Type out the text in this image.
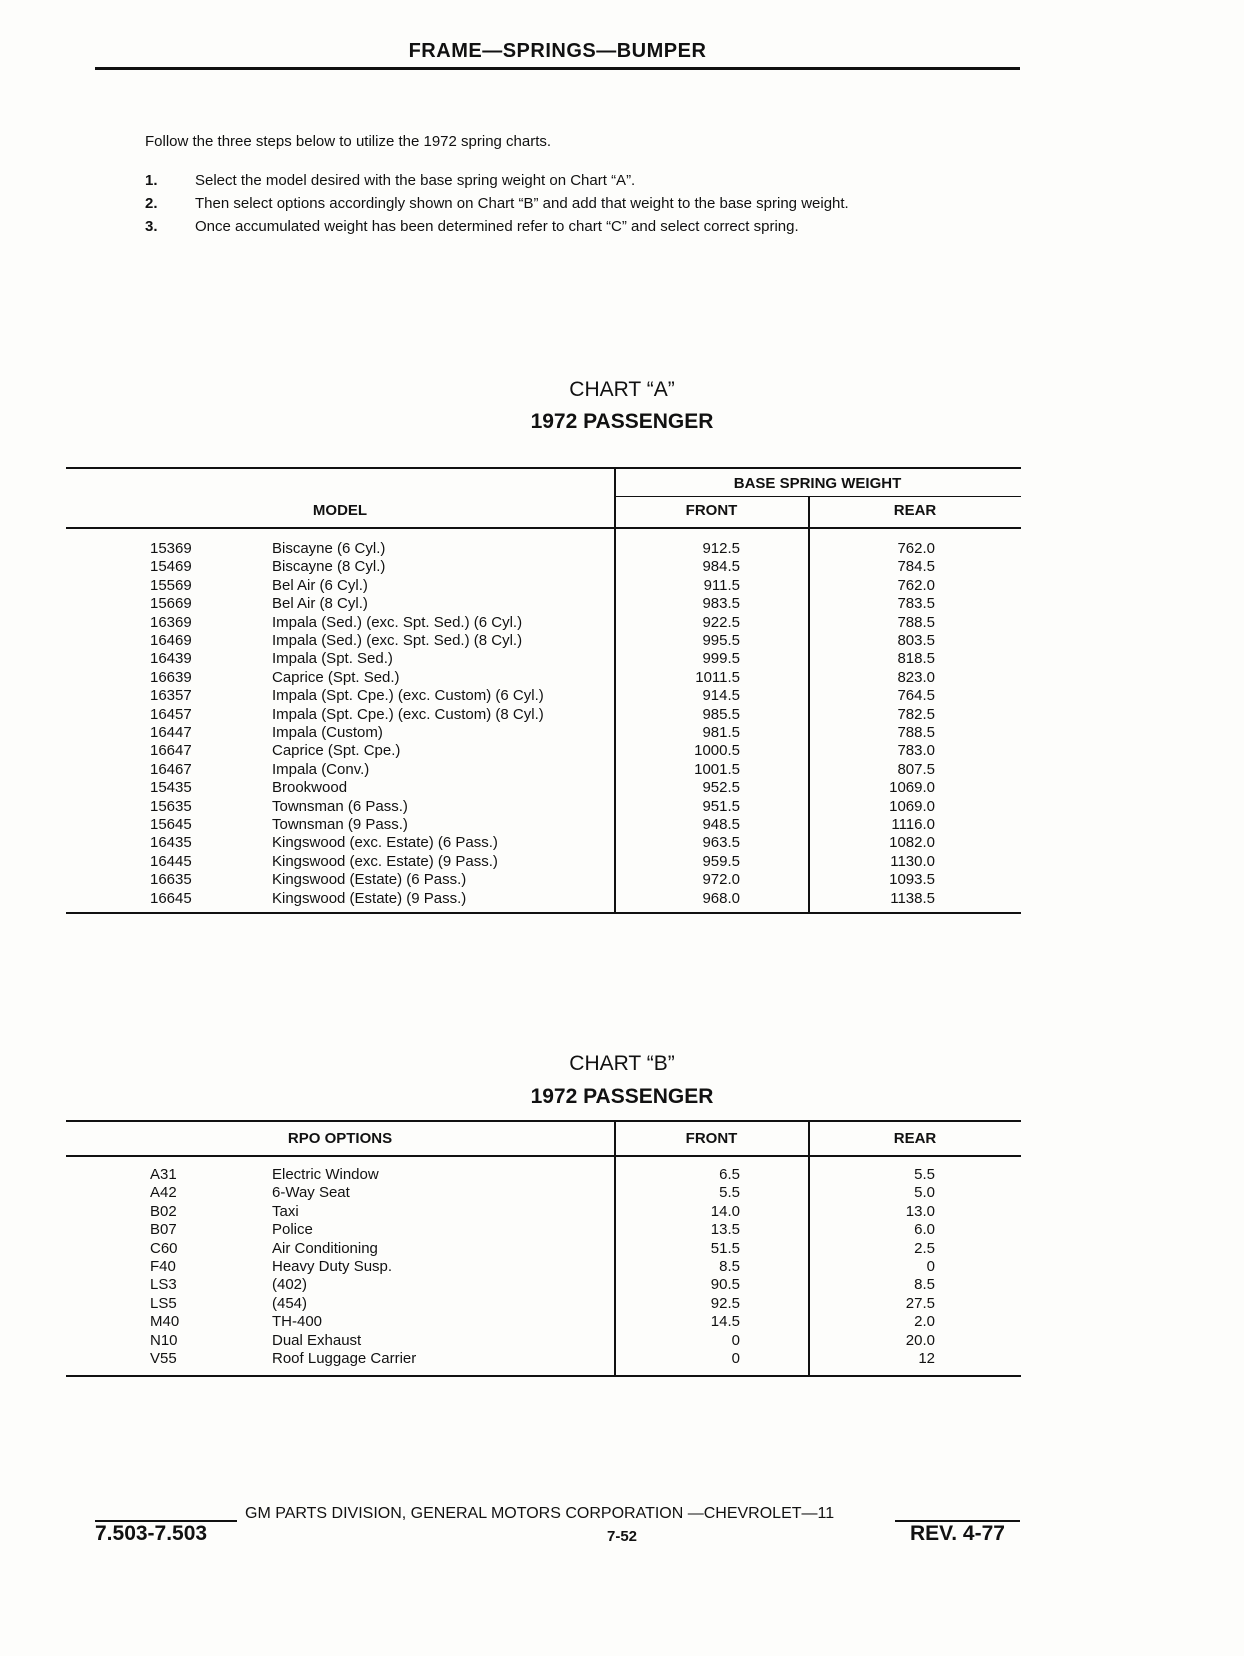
FRAME—SPRINGS—BUMPER
Follow the three steps below to utilize the 1972 spring charts.
1. Select the model desired with the base spring weight on Chart “A”.
2. Then select options accordingly shown on Chart “B” and add that weight to the base spring weight.
3. Once accumulated weight has been determined refer to chart “C” and select correct spring.
CHART “A”
1972 PASSENGER
BASE SPRING WEIGHT
MODEL	FRONT	REAR
15369	Biscayne (6 Cyl.)	912.5	762.0
15469	Biscayne (8 Cyl.)	984.5	784.5
15569	Bel Air (6 Cyl.)	911.5	762.0
15669	Bel Air (8 Cyl.)	983.5	783.5
16369	Impala (Sed.) (exc. Spt. Sed.) (6 Cyl.)	922.5	788.5
16469	Impala (Sed.) (exc. Spt. Sed.) (8 Cyl.)	995.5	803.5
16439	Impala (Spt. Sed.)	999.5	818.5
16639	Caprice (Spt. Sed.)	1011.5	823.0
16357	Impala (Spt. Cpe.) (exc. Custom) (6 Cyl.)	914.5	764.5
16457	Impala (Spt. Cpe.) (exc. Custom) (8 Cyl.)	985.5	782.5
16447	Impala (Custom)	981.5	788.5
16647	Caprice (Spt. Cpe.)	1000.5	783.0
16467	Impala (Conv.)	1001.5	807.5
15435	Brookwood	952.5	1069.0
15635	Townsman (6 Pass.)	951.5	1069.0
15645	Townsman (9 Pass.)	948.5	1116.0
16435	Kingswood (exc. Estate) (6 Pass.)	963.5	1082.0
16445	Kingswood (exc. Estate) (9 Pass.)	959.5	1130.0
16635	Kingswood (Estate) (6 Pass.)	972.0	1093.5
16645	Kingswood (Estate) (9 Pass.)	968.0	1138.5
CHART “B”
1972 PASSENGER
RPO OPTIONS	FRONT	REAR
A31	Electric Window	6.5	5.5
A42	6-Way Seat	5.5	5.0
B02	Taxi	14.0	13.0
B07	Police	13.5	6.0
C60	Air Conditioning	51.5	2.5
F40	Heavy Duty Susp.	8.5	0
LS3	(402)	90.5	8.5
LS5	(454)	92.5	27.5
M40	TH-400	14.5	2.0
N10	Dual Exhaust	0	20.0
V55	Roof Luggage Carrier	0	12
GM PARTS DIVISION, GENERAL MOTORS CORPORATION —CHEVROLET—11
7.503-7.503	7-52	REV. 4-77
